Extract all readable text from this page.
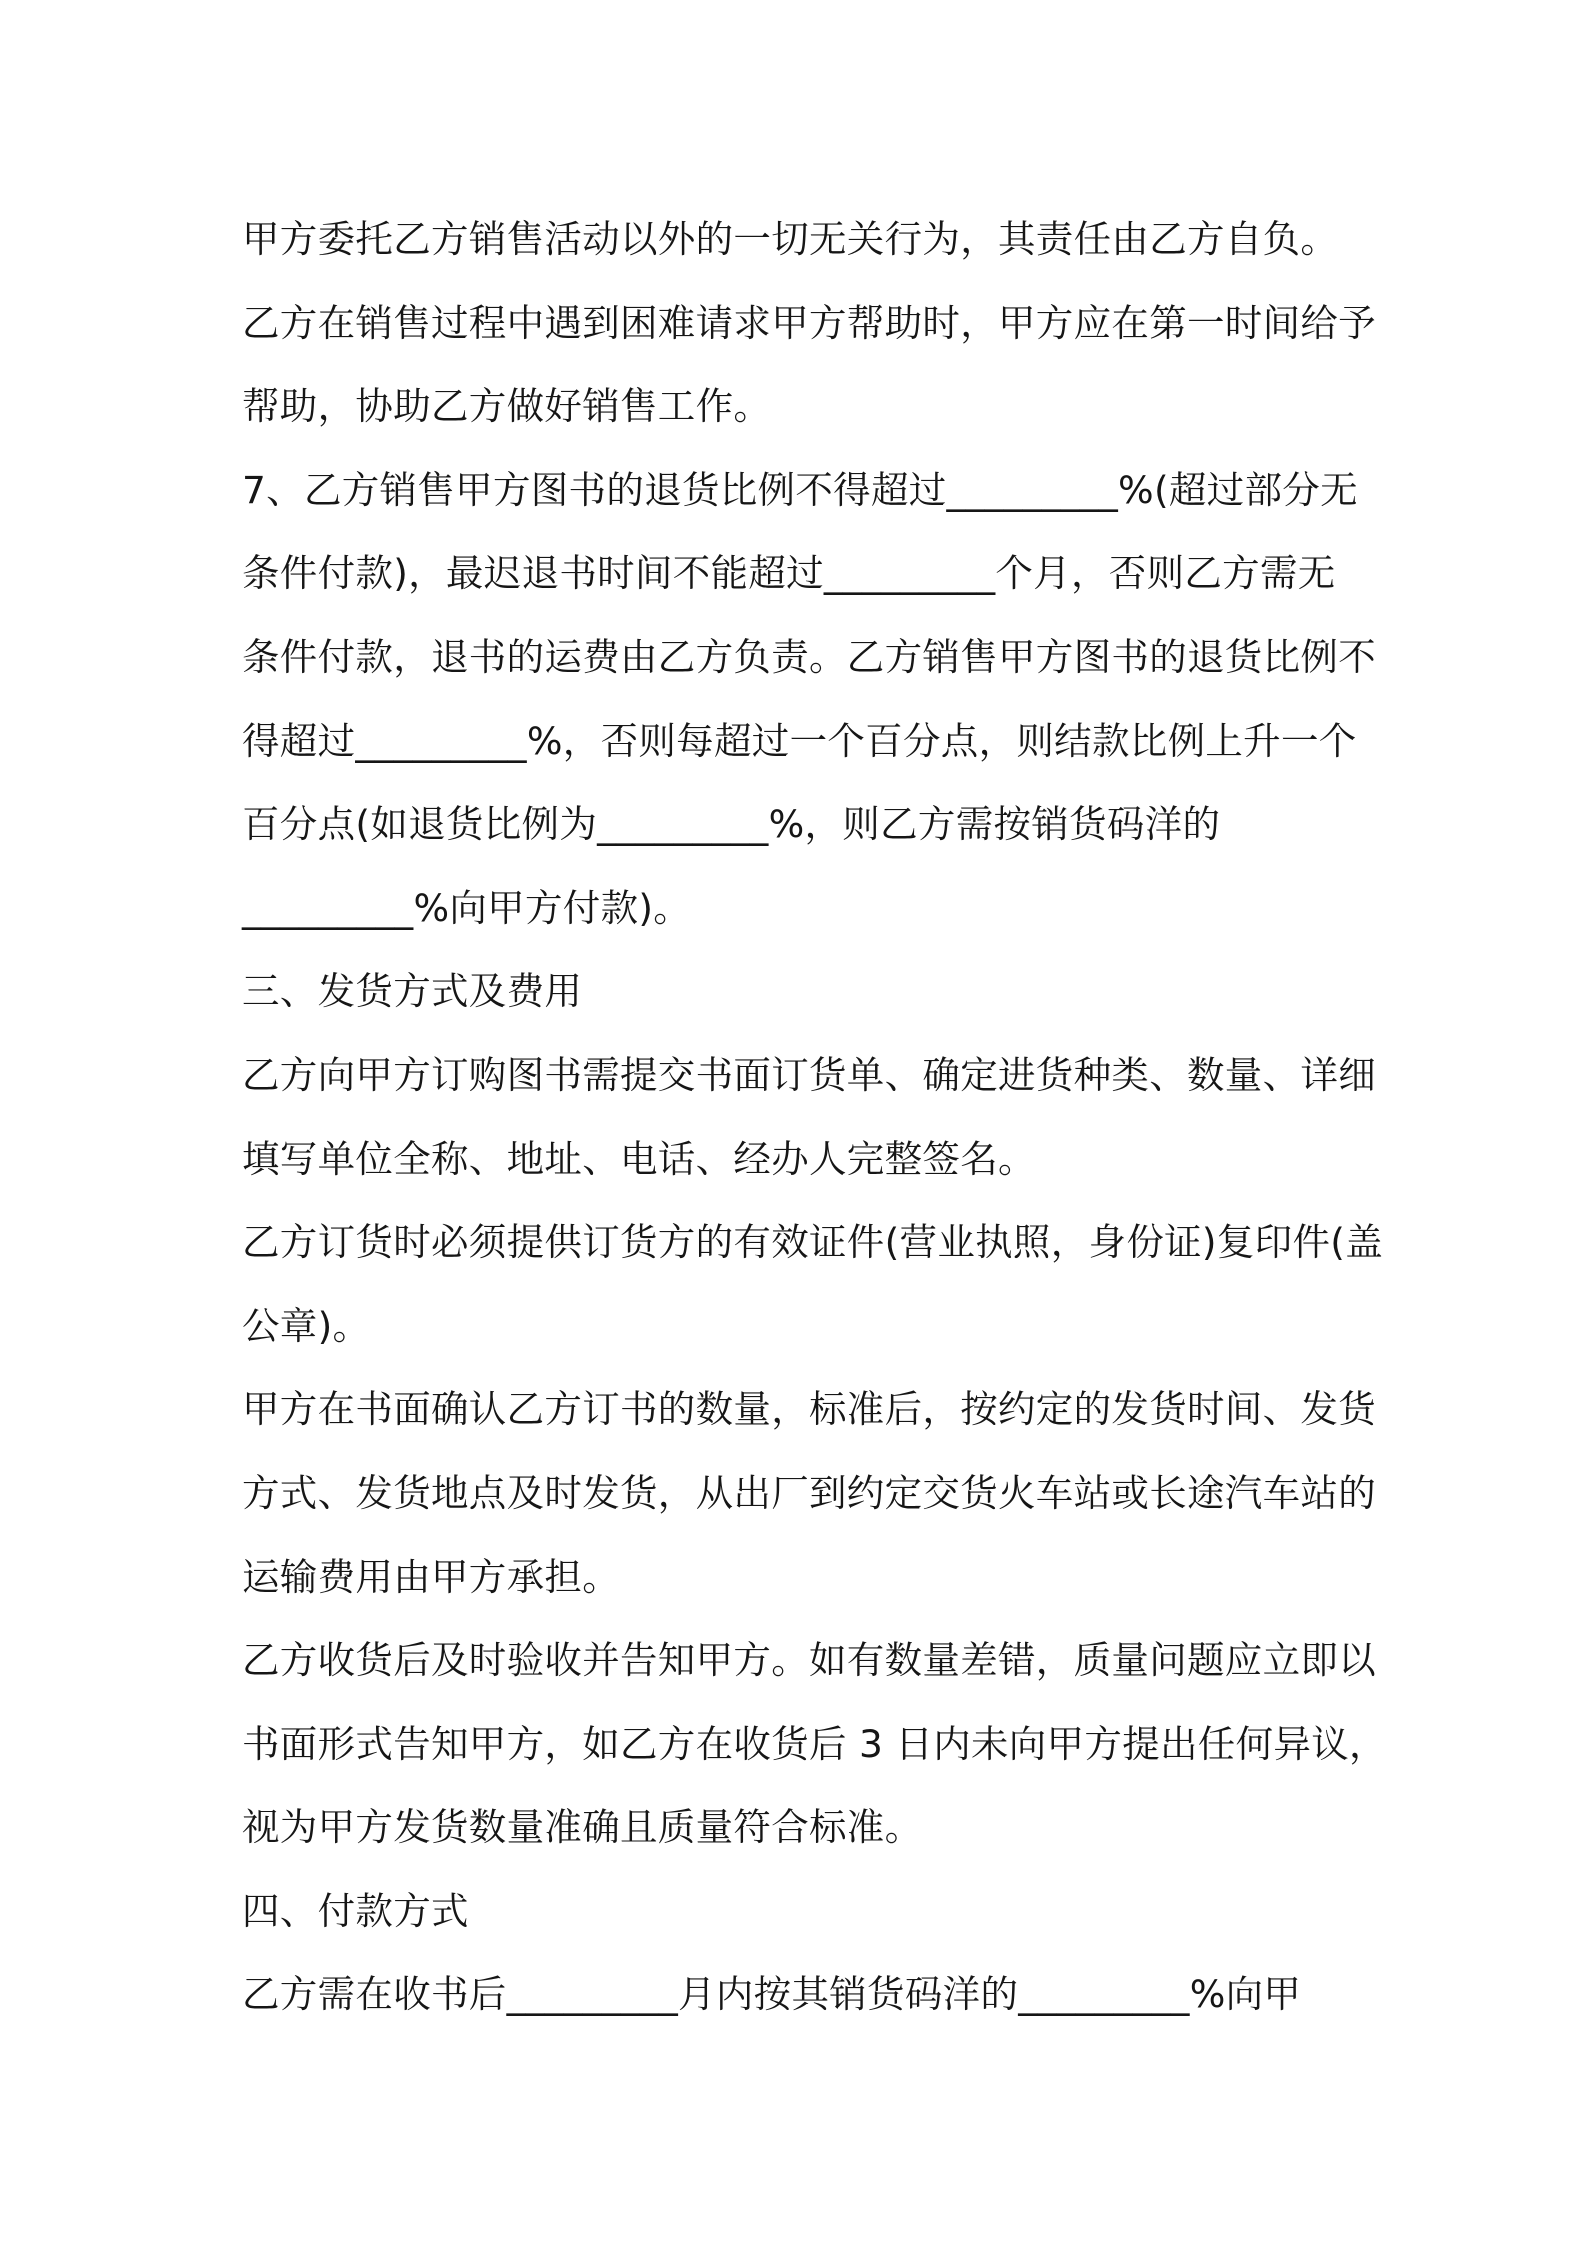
甲方委托乙方销售活动以外的一切无关行为，其责任由乙方自负。
乙方在销售过程中遇到困难请求甲方帮助时，甲方应在第一时间给予
帮助，协助乙方做好销售工作。
7、乙方销售甲方图书的退货比例不得超过_________%(超过部分无
条件付款)，最迟退书时间不能超过_________个月，否则乙方需无
条件付款，退书的运费由乙方负责。乙方销售甲方图书的退货比例不
得超过_________%，否则每超过一个百分点，则结款比例上升一个
百分点(如退货比例为_________%，则乙方需按销货码洋的
_________%向甲方付款)。
三、发货方式及费用
乙方向甲方订购图书需提交书面订货单、确定进货种类、数量、详细
填写单位全称、地址、电话、经办人完整签名。
乙方订货时必须提供订货方的有效证件(营业执照，身份证)复印件(盖
公章)。
甲方在书面确认乙方订书的数量，标准后，按约定的发货时间、发货
方式、发货地点及时发货，从出厂到约定交货火车站或长途汽车站的
运输费用由甲方承担。
乙方收货后及时验收并告知甲方。如有数量差错，质量问题应立即以
书面形式告知甲方，如乙方在收货后 3 日内未向甲方提出任何异议，
视为甲方发货数量准确且质量符合标准。
四、付款方式
乙方需在收书后_________月内按其销货码洋的_________%向甲
